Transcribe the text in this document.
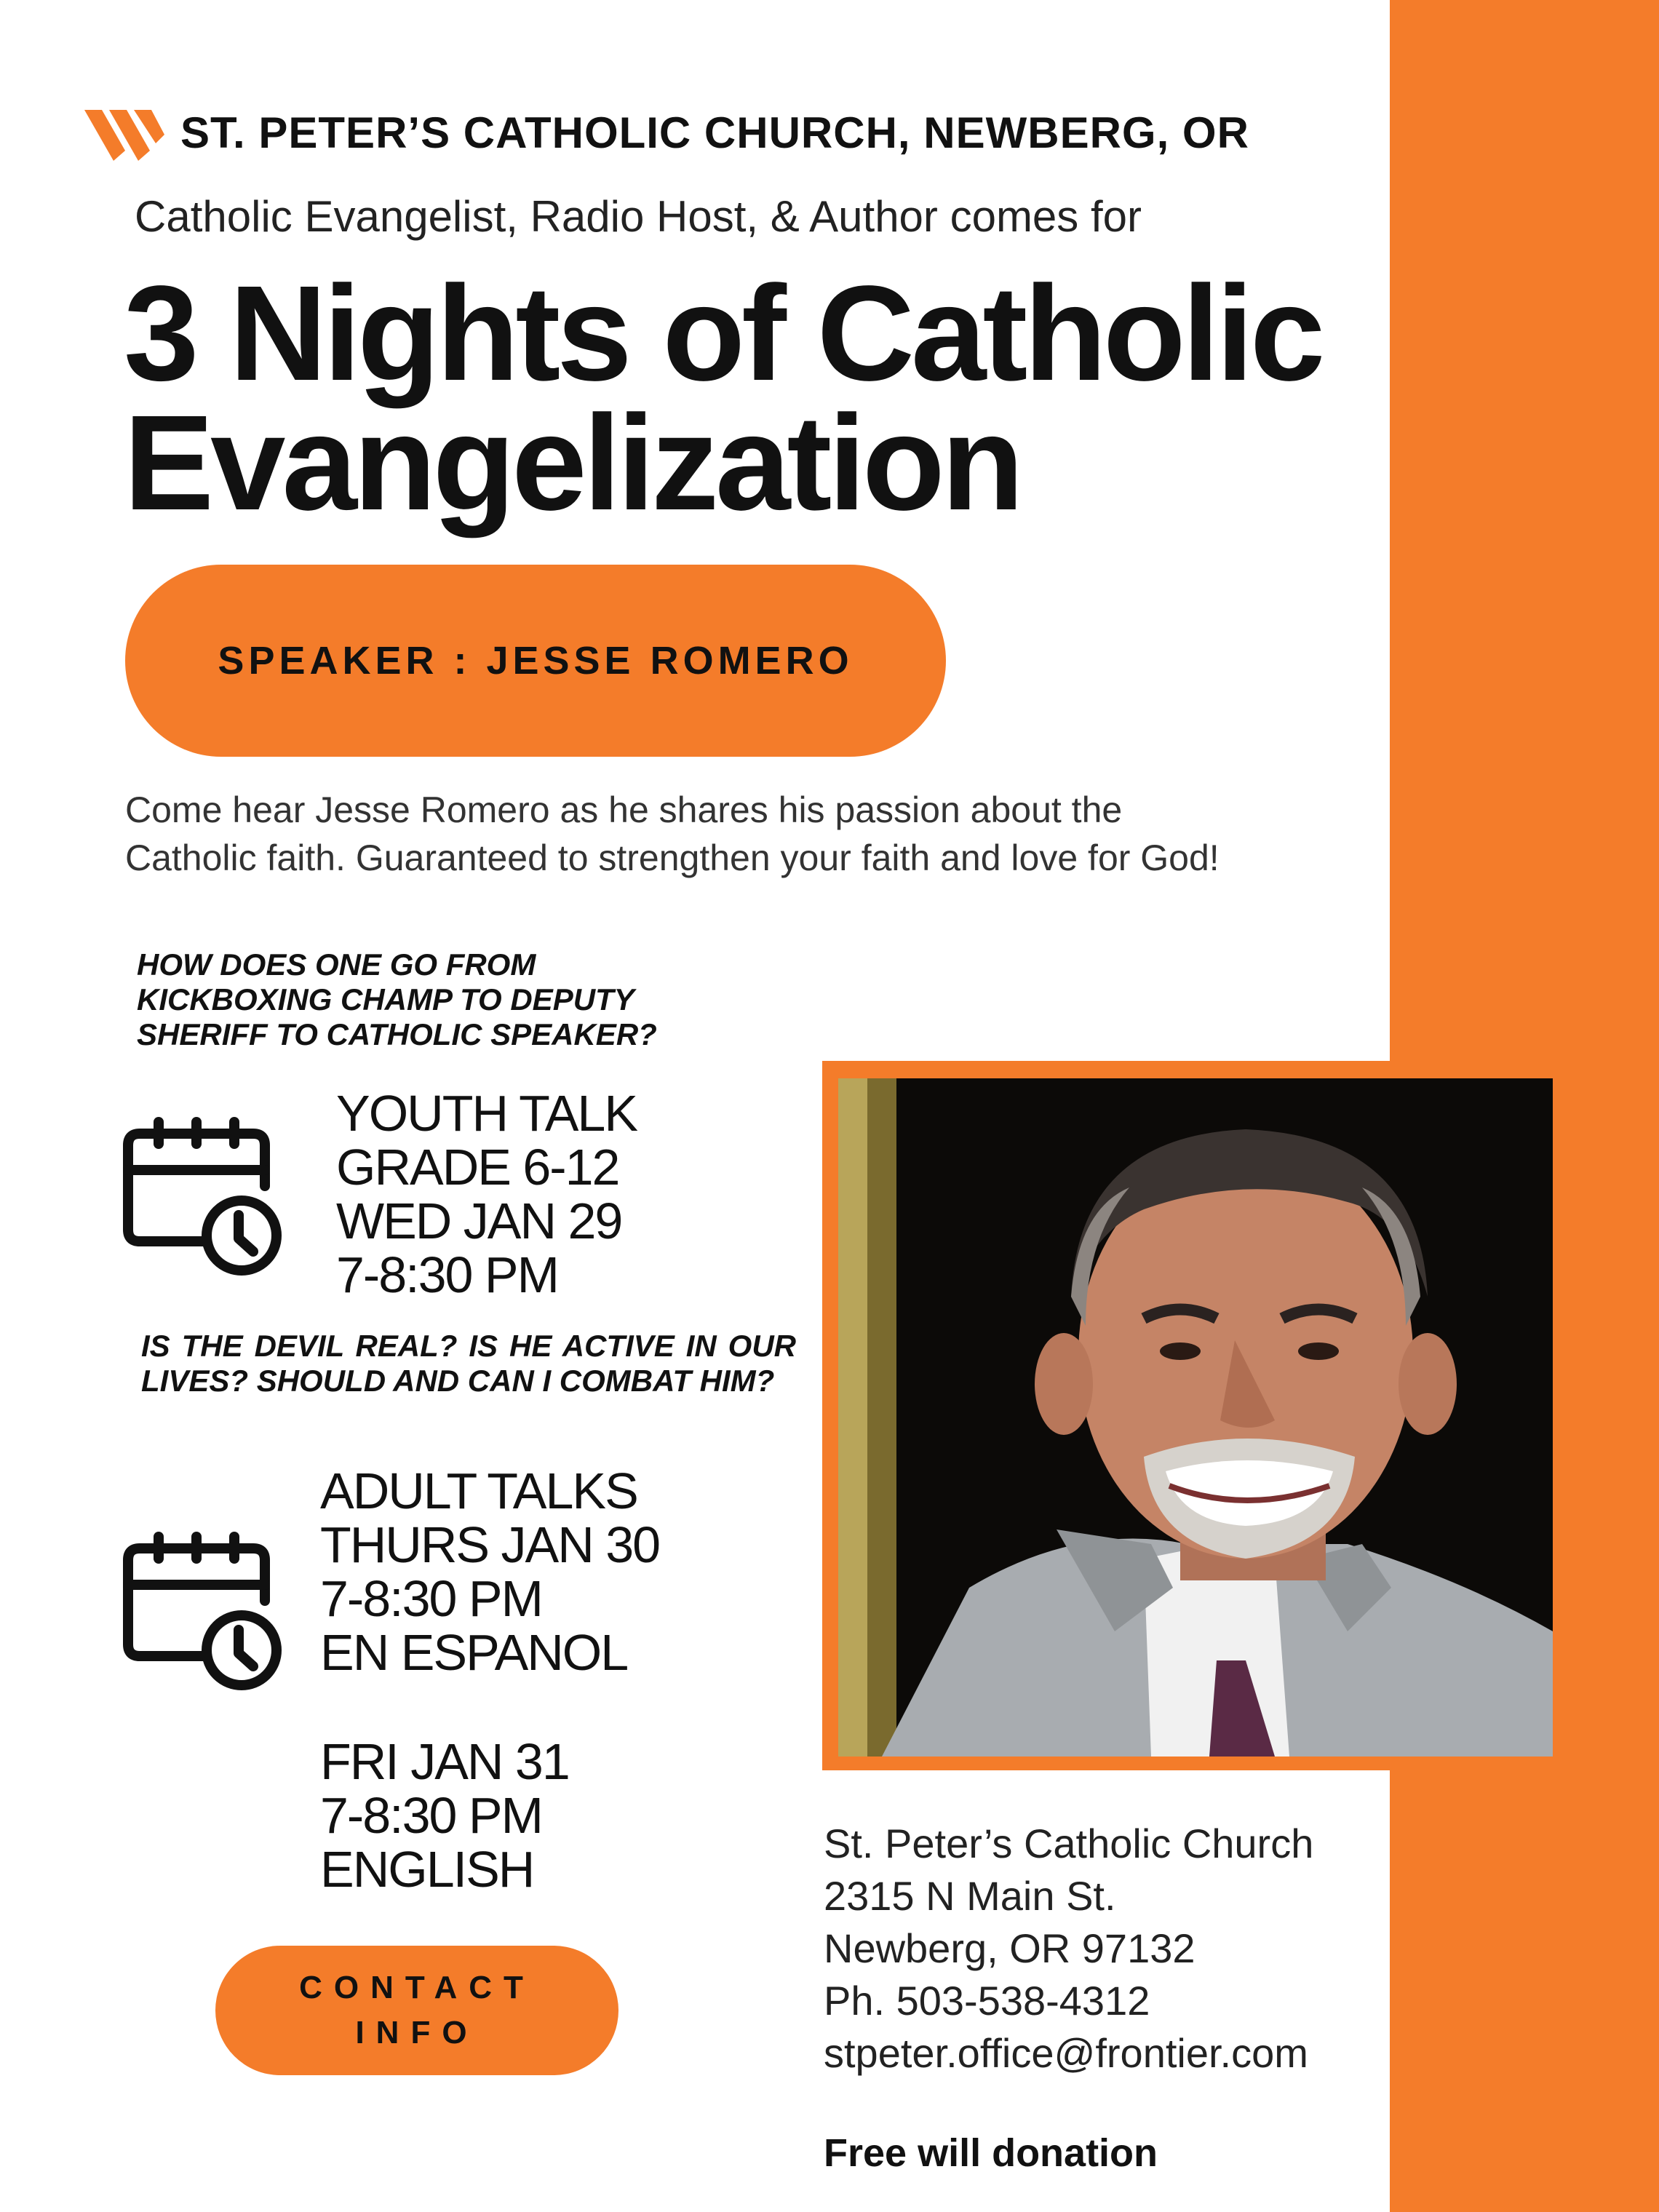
ST. PETER’S CATHOLIC CHURCH, NEWBERG, OR
Catholic Evangelist, Radio Host, & Author comes for
3 Nights of Catholic
Evangelization
SPEAKER : JESSE ROMERO
Come hear Jesse Romero as he shares his passion about the
Catholic faith. Guaranteed to strengthen your faith and love for God!
HOW DOES ONE GO FROM
KICKBOXING CHAMP TO DEPUTY
SHERIFF TO CATHOLIC SPEAKER?
YOUTH TALK
GRADE 6-12
WED JAN 29
7-8:30 PM
IS THE DEVIL REAL? IS HE ACTIVE IN OUR LIVES? SHOULD AND CAN I COMBAT HIM?
ADULT TALKS
THURS JAN 30
7-8:30 PM
EN ESPANOL
FRI JAN 31
7-8:30 PM
ENGLISH
CONTACT
INFO
St. Peter’s Catholic Church
2315 N Main St.
Newberg, OR 97132
Ph. 503-538-4312
stpeter.office@frontier.com
Free will donation
